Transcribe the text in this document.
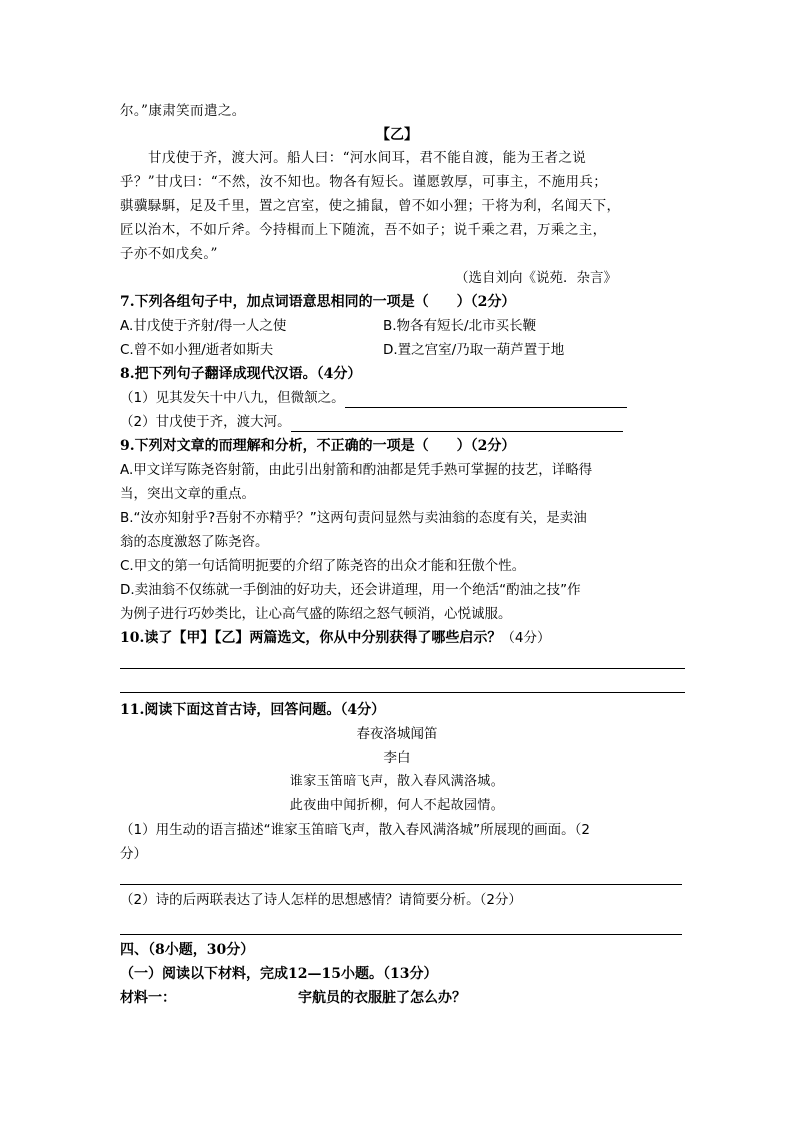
尔。”康肃笑而遣之。
【乙】
甘戊使于齐，渡大河。船人曰：“河水间耳，君不能自渡，能为王者之说
乎？”甘戊曰：“不然，汝不知也。物各有短长。谨愿敦厚，可事主，不施用兵；
骐骥騄駬，足及千里，置之宫室，使之捕鼠，曾不如小狸；干将为利，名闻天下，
匠以治木，不如斤斧。今持楫而上下随流，吾不如子；说千乘之君，万乘之主，
子亦不如戊矣。”
（选自刘向《说苑．杂言》
7.下列各组句子中，加点词语意思相同的一项是（　　）（2分）
A.甘戊使于齐射/得一人之使	B.物各有短长/北市买长鞭
C.曾不如小狸/逝者如斯夫	D.置之宫室/乃取一葫芦置于地
8.把下列句子翻译成现代汉语。（4分）
（1）见其发矢十中八九，但微颔之。
（2）甘戊使于齐，渡大河。
9.下列对文章的而理解和分析，不正确的一项是（　　）（2分）
A.甲文详写陈尧咨射箭，由此引出射箭和酌油都是凭手熟可掌握的技艺，详略得
当，突出文章的重点。
B.“汝亦知射乎?吾射不亦精乎？”这两句责问显然与卖油翁的态度有关，是卖油
翁的态度激怒了陈尧咨。
C.甲文的第一句话简明扼要的介绍了陈尧咨的出众才能和狂傲个性。
D.卖油翁不仅练就一手倒油的好功夫，还会讲道理，用一个绝活“酌油之技”作
为例子进行巧妙类比，让心高气盛的陈绍之怒气顿消，心悦诚服。
10.读了【甲】【乙】两篇选文，你从中分别获得了哪些启示？（4分）
11.阅读下面这首古诗，回答问题。（4分）
春夜洛城闻笛
李白
谁家玉笛暗飞声，散入春风满洛城。
此夜曲中闻折柳，何人不起故园情。
（1）用生动的语言描述“谁家玉笛暗飞声，散入春风满洛城”所展现的画面。（2
分）
（2）诗的后两联表达了诗人怎样的思想感情？请简要分析。（2分）
四、（8小题，30分）
（一）阅读以下材料，完成12—15小题。（13分）
材料一：	宇航员的衣服脏了怎么办？
